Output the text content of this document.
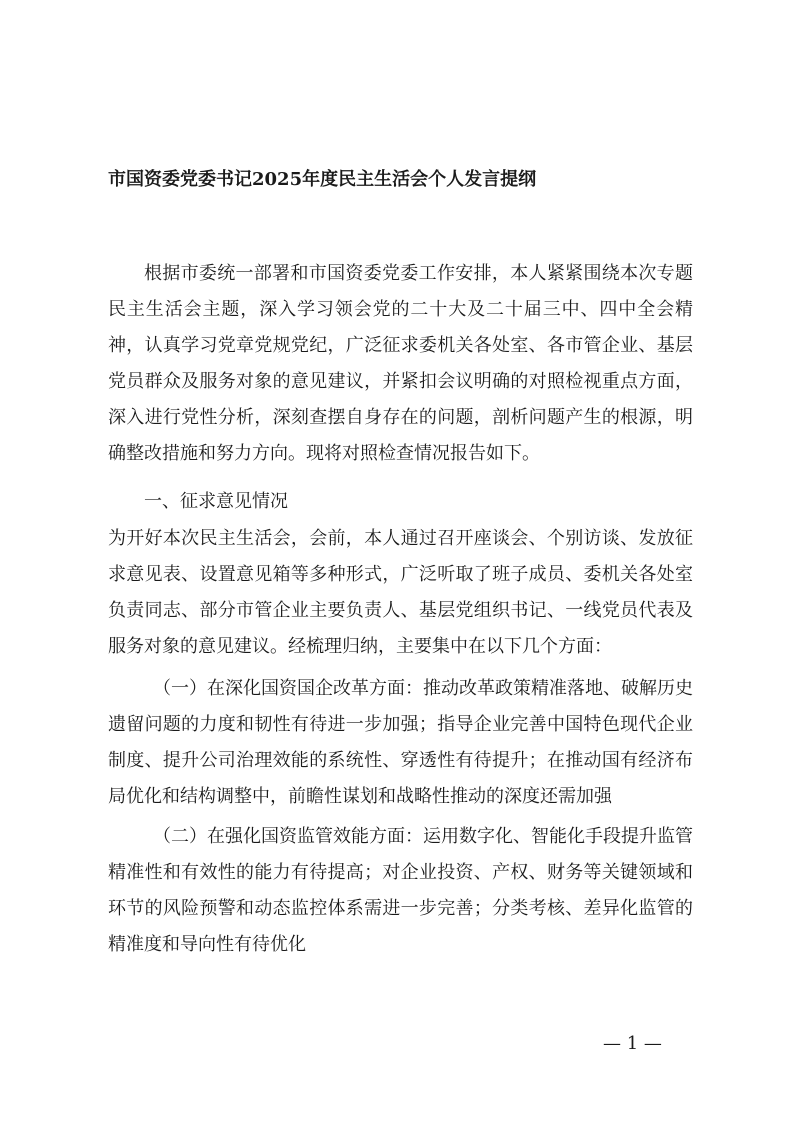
市国资委党委书记2025年度民主生活会个人发言提纲
根据市委统一部署和市国资委党委工作安排，本人紧紧围绕本次专题民主生活会主题，深入学习领会党的二十大及二十届三中、四中全会精神，认真学习党章党规党纪，广泛征求委机关各处室、各市管企业、基层党员群众及服务对象的意见建议，并紧扣会议明确的对照检视重点方面，深入进行党性分析，深刻查摆自身存在的问题，剖析问题产生的根源，明确整改措施和努力方向。现将对照检查情况报告如下。
一、征求意见情况
为开好本次民主生活会，会前，本人通过召开座谈会、个别访谈、发放征求意见表、设置意见箱等多种形式，广泛听取了班子成员、委机关各处室负责同志、部分市管企业主要负责人、基层党组织书记、一线党员代表及服务对象的意见建议。经梳理归纳，主要集中在以下几个方面：
（一）在深化国资国企改革方面：推动改革政策精准落地、破解历史遗留问题的力度和韧性有待进一步加强；指导企业完善中国特色现代企业制度、提升公司治理效能的系统性、穿透性有待提升；在推动国有经济布局优化和结构调整中，前瞻性谋划和战略性推动的深度还需加强
（二）在强化国资监管效能方面：运用数字化、智能化手段提升监管精准性和有效性的能力有待提高；对企业投资、产权、财务等关键领域和环节的风险预警和动态监控体系需进一步完善；分类考核、差异化监管的精准度和导向性有待优化
— 1 —
